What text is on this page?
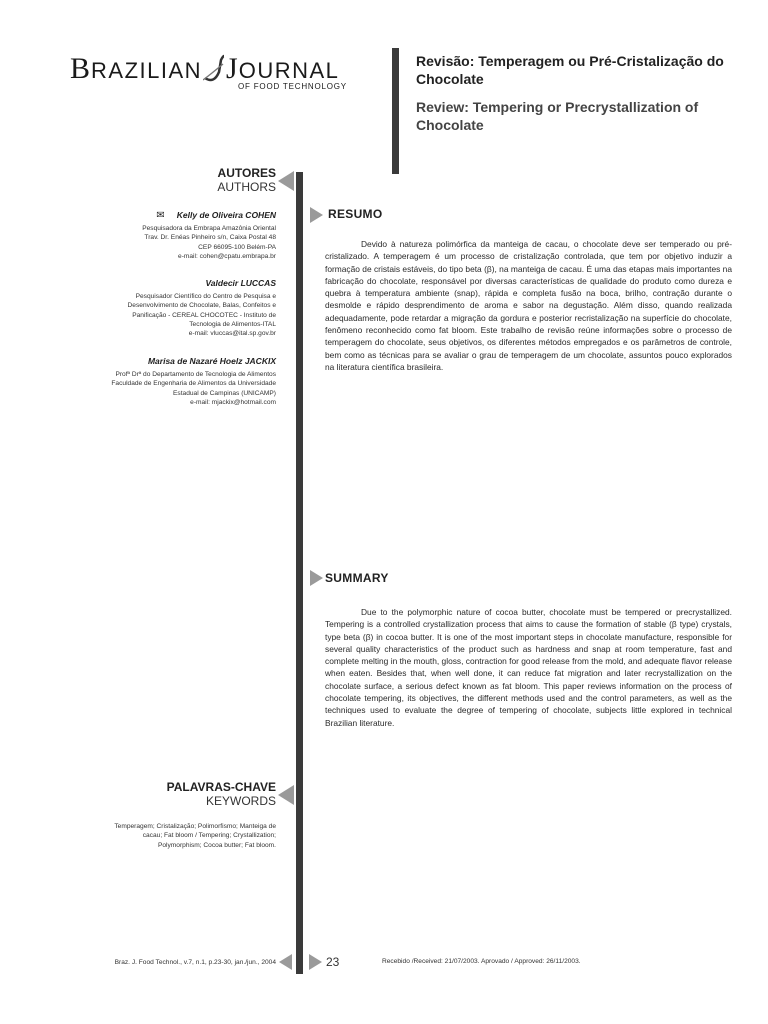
BRAZILIAN JOURNAL
OF FOOD TECHNOLOGY
Revisão: Temperagem ou Pré-Cristalização do Chocolate
Review: Tempering or Precrystallization of Chocolate
AUTORES
AUTHORS
✉ Kelly de Oliveira COHEN
Pesquisadora da Embrapa Amazônia Oriental
Trav. Dr. Enéas Pinheiro s/n, Caixa Postal 48
CEP 66095-100 Belém-PA
e-mail: cohen@cpatu.embrapa.br
Valdecir LUCCAS
Pesquisador Científico do Centro de Pesquisa e
Desenvolvimento de Chocolate, Balas, Confeitos e
Panificação - CEREAL CHOCOTEC - Instituto de
Tecnologia de Alimentos-ITAL
e-mail: vluccas@ital.sp.gov.br
Marisa de Nazaré Hoelz JACKIX
Profª Drª do Departamento de Tecnologia de Alimentos
Faculdade de Engenharia de Alimentos da Universidade
Estadual de Campinas (UNICAMP)
e-mail: mjackix@hotmail.com
RESUMO
Devido à natureza polimórfica da manteiga de cacau, o chocolate deve ser temperado ou pré-cristalizado. A temperagem é um processo de cristalização controlada, que tem por objetivo induzir a formação de cristais estáveis, do tipo beta (β), na manteiga de cacau. É uma das etapas mais importantes na fabricação do chocolate, responsável por diversas características de qualidade do produto como dureza e quebra à temperatura ambiente (snap), rápida e completa fusão na boca, brilho, contração durante o desmolde e rápido desprendimento de aroma e sabor na degustação. Além disso, quando realizada adequadamente, pode retardar a migração da gordura e posterior recristalização na superfície do chocolate, fenômeno reconhecido como fat bloom. Este trabalho de revisão reúne informações sobre o processo de temperagem do chocolate, seus objetivos, os diferentes métodos empregados e os parâmetros de controle, bem como as técnicas para se avaliar o grau de temperagem de um chocolate, assuntos pouco explorados na literatura científica brasileira.
SUMMARY
Due to the polymorphic nature of cocoa butter, chocolate must be tempered or precrystallized. Tempering is a controlled crystallization process that aims to cause the formation of stable (β type) crystals, type beta (β) in cocoa butter. It is one of the most important steps in chocolate manufacture, responsible for several quality characteristics of the product such as hardness and snap at room temperature, fast and complete melting in the mouth, gloss, contraction for good release from the mold, and adequate flavor release when eaten. Besides that, when well done, it can reduce fat migration and later recrystallization on the chocolate surface, a serious defect known as fat bloom. This paper reviews information on the process of chocolate tempering, its objectives, the different methods used and the control parameters, as well as the techniques used to evaluate the degree of tempering of chocolate, subjects little explored in technical Brazilian literature.
PALAVRAS-CHAVE
KEYWORDS
Temperagem; Cristalização; Polimorfismo; Manteiga de
cacau; Fat bloom / Tempering; Crystallization;
Polymorphism; Cocoa butter; Fat bloom.
Braz. J. Food Technol., v.7, n.1, p.23-30, jan./jun., 2004	23	Recebido /Received: 21/07/2003. Aprovado / Approved: 26/11/2003.
